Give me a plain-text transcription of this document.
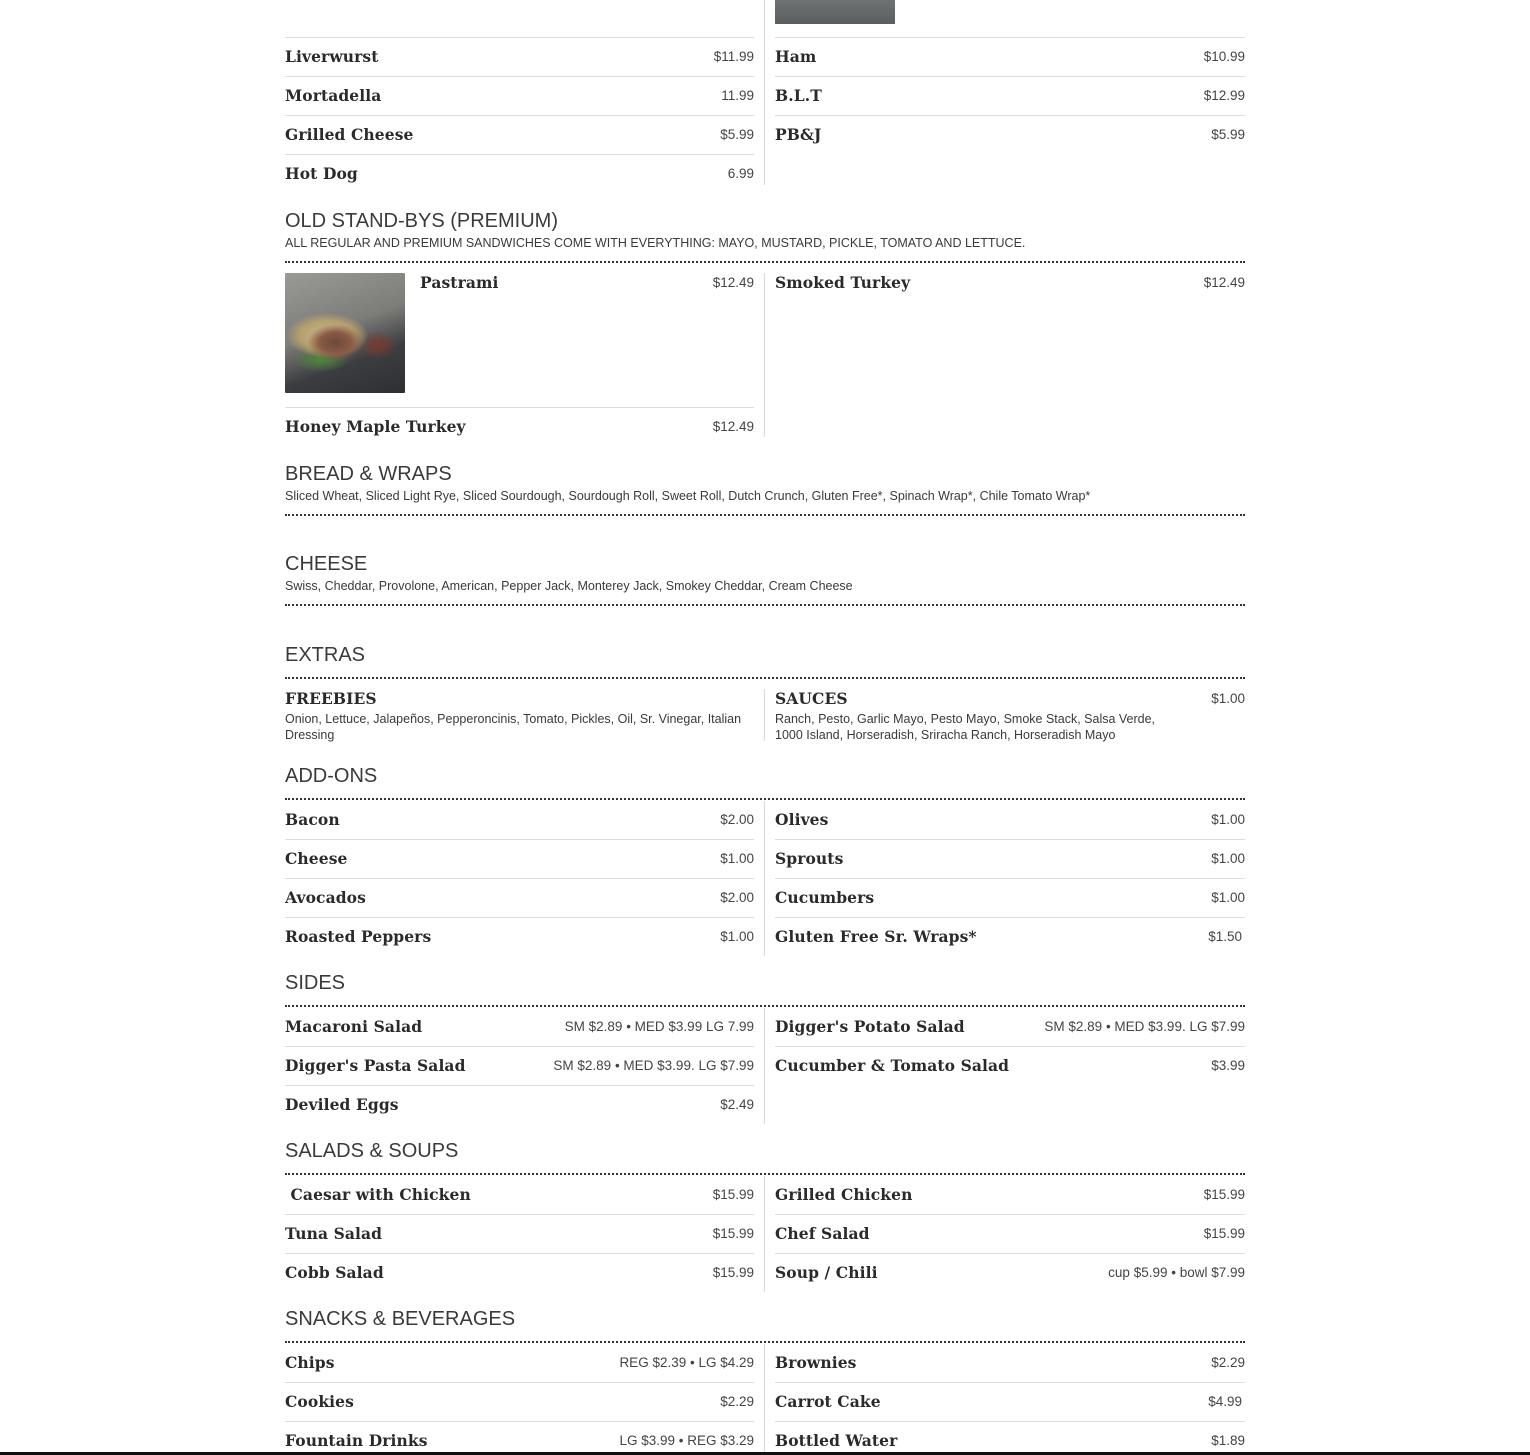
Liverwurst	$11.99
Mortadella	11.99
Grilled Cheese	$5.99
Hot Dog	6.99
Ham	$10.99
B.L.T	$12.99
PB&J	$5.99
OLD STAND-BYS (PREMIUM)
ALL REGULAR AND PREMIUM SANDWICHES COME WITH EVERYTHING: MAYO, MUSTARD, PICKLE, TOMATO AND LETTUCE.
Pastrami	$12.49
Honey Maple Turkey	$12.49
Smoked Turkey	$12.49
BREAD & WRAPS
Sliced Wheat, Sliced Light Rye, Sliced Sourdough, Sourdough Roll, Sweet Roll, Dutch Crunch, Gluten Free*, Spinach Wrap*, Chile Tomato Wrap*
CHEESE
Swiss, Cheddar, Provolone, American, Pepper Jack, Monterey Jack, Smokey Cheddar, Cream Cheese
EXTRAS
FREEBIES
Onion, Lettuce, Jalapeños, Pepperoncinis, Tomato, Pickles, Oil, Sr. Vinegar, Italian Dressing
SAUCES
Ranch, Pesto, Garlic Mayo, Pesto Mayo, Smoke Stack, Salsa Verde, 1000 Island, Horseradish, Sriracha Ranch, Horseradish Mayo
$1.00
ADD-ONS
Bacon	$2.00
Cheese	$1.00
Avocados	$2.00
Roasted Peppers	$1.00
Olives	$1.00
Sprouts	$1.00
Cucumbers	$1.00
Gluten Free Sr. Wraps*	$1.50
SIDES
Macaroni Salad	SM $2.89 • MED $3.99 LG 7.99
Digger's Pasta Salad	SM $2.89 • MED $3.99. LG $7.99
Deviled Eggs	$2.49
Digger's Potato Salad	SM $2.89 • MED $3.99. LG $7.99
Cucumber & Tomato Salad	$3.99
SALADS & SOUPS
Caesar with Chicken	$15.99
Tuna Salad	$15.99
Cobb Salad	$15.99
Grilled Chicken	$15.99
Chef Salad	$15.99
Soup / Chili	cup $5.99 • bowl $7.99
SNACKS & BEVERAGES
Chips	REG $2.39 • LG $4.29
Cookies	$2.29
Fountain Drinks	LG $3.99 • REG $3.29
Brownies	$2.29
Carrot Cake	$4.99
Bottled Water	$1.89
